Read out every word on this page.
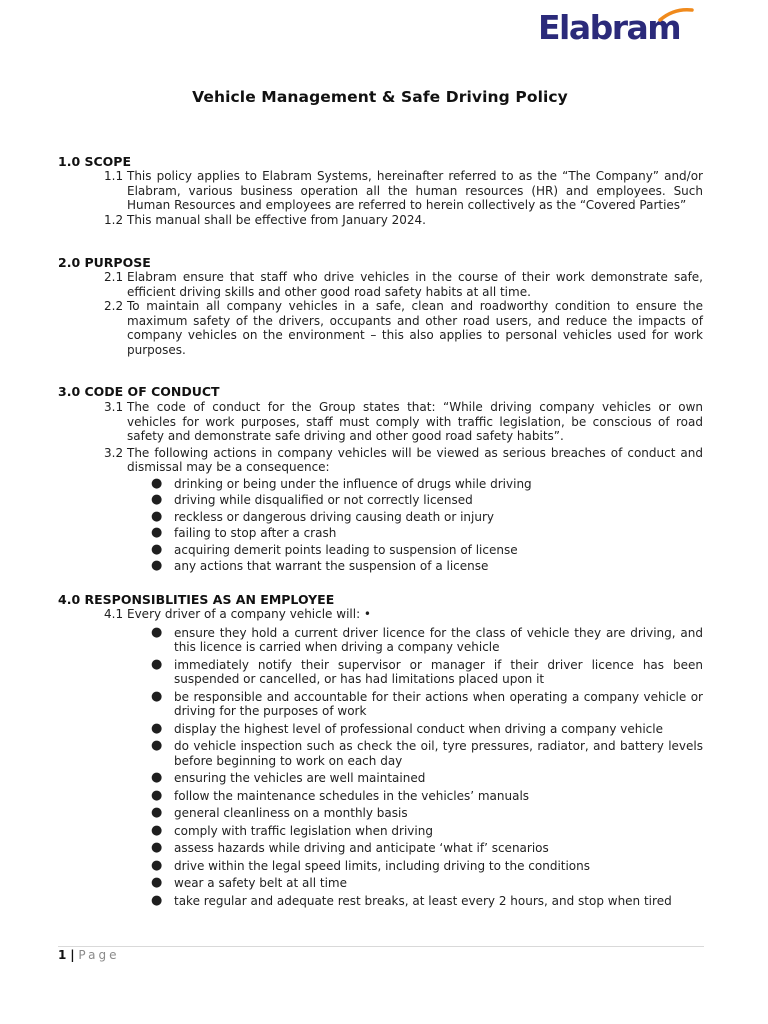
Elabram
Vehicle Management & Safe Driving Policy
1.0 SCOPE
1.1 This policy applies to Elabram Systems, hereinafter referred to as the “The Company” and/or Elabram, various business operation all the human resources (HR) and employees. Such Human Resources and employees are referred to herein collectively as the “Covered Parties”
1.2 This manual shall be effective from January 2024.
2.0 PURPOSE
2.1 Elabram ensure that staff who drive vehicles in the course of their work demonstrate safe, efficient driving skills and other good road safety habits at all time.
2.2 To maintain all company vehicles in a safe, clean and roadworthy condition to ensure the maximum safety of the drivers, occupants and other road users, and reduce the impacts of company vehicles on the environment – this also applies to personal vehicles used for work purposes.
3.0 CODE OF CONDUCT
3.1 The code of conduct for the Group states that: “While driving company vehicles or own vehicles for work purposes, staff must comply with traffic legislation, be conscious of road safety and demonstrate safe driving and other good road safety habits”.
3.2 The following actions in company vehicles will be viewed as serious breaches of conduct and dismissal may be a consequence:
● drinking or being under the influence of drugs while driving
● driving while disqualified or not correctly licensed
● reckless or dangerous driving causing death or injury
● failing to stop after a crash
● acquiring demerit points leading to suspension of license
● any actions that warrant the suspension of a license
4.0 RESPONSIBLITIES AS AN EMPLOYEE
4.1 Every driver of a company vehicle will: •
● ensure they hold a current driver licence for the class of vehicle they are driving, and this licence is carried when driving a company vehicle
● immediately notify their supervisor or manager if their driver licence has been suspended or cancelled, or has had limitations placed upon it
● be responsible and accountable for their actions when operating a company vehicle or driving for the purposes of work
● display the highest level of professional conduct when driving a company vehicle
● do vehicle inspection such as check the oil, tyre pressures, radiator, and battery levels before beginning to work on each day
● ensuring the vehicles are well maintained
● follow the maintenance schedules in the vehicles’ manuals
● general cleanliness on a monthly basis
● comply with traffic legislation when driving
● assess hazards while driving and anticipate ‘what if’ scenarios
● drive within the legal speed limits, including driving to the conditions
● wear a safety belt at all time
● take regular and adequate rest breaks, at least every 2 hours, and stop when tired
1 | Page
